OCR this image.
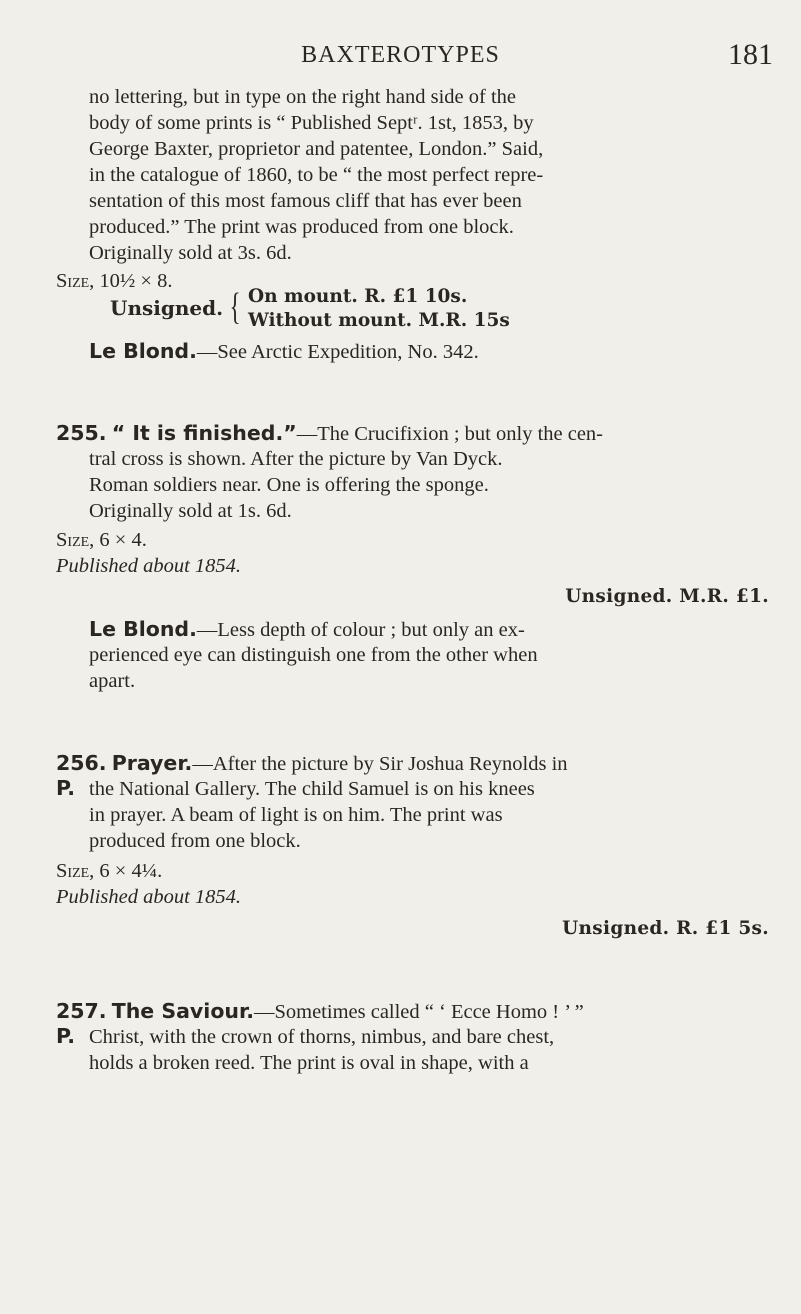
BAXTEROTYPES	181
no lettering, but in type on the right hand side of the
body of some prints is “ Published Septʳ. 1st, 1853, by
George Baxter, proprietor and patentee, London.” Said,
in the catalogue of 1860, to be “ the most perfect repre-
sentation of this most famous cliff that has ever been
produced.” The print was produced from one block.
Originally sold at 3s. 6d.
Size, 10½ × 8.
Unsigned. { On mount. R. £1 10s.
Without mount. M.R. 15s
Le Blond.—See Arctic Expedition, No. 342.
255. “ It is finished.”—The Crucifixion ; but only the cen-
tral cross is shown. After the picture by Van Dyck.
Roman soldiers near. One is offering the sponge.
Originally sold at 1s. 6d.
Size, 6 × 4.
Published about 1854.
Unsigned. M.R. £1.
Le Blond.—Less depth of colour ; but only an ex-
perienced eye can distinguish one from the other when
apart.
256. Prayer.—After the picture by Sir Joshua Reynolds in
P. the National Gallery. The child Samuel is on his knees
in prayer. A beam of light is on him. The print was
produced from one block.
Size, 6 × 4¼.
Published about 1854.
Unsigned. R. £1 5s.
257. The Saviour.—Sometimes called “ ‘ Ecce Homo ! ’ ”
P. Christ, with the crown of thorns, nimbus, and bare chest,
holds a broken reed. The print is oval in shape, with a
